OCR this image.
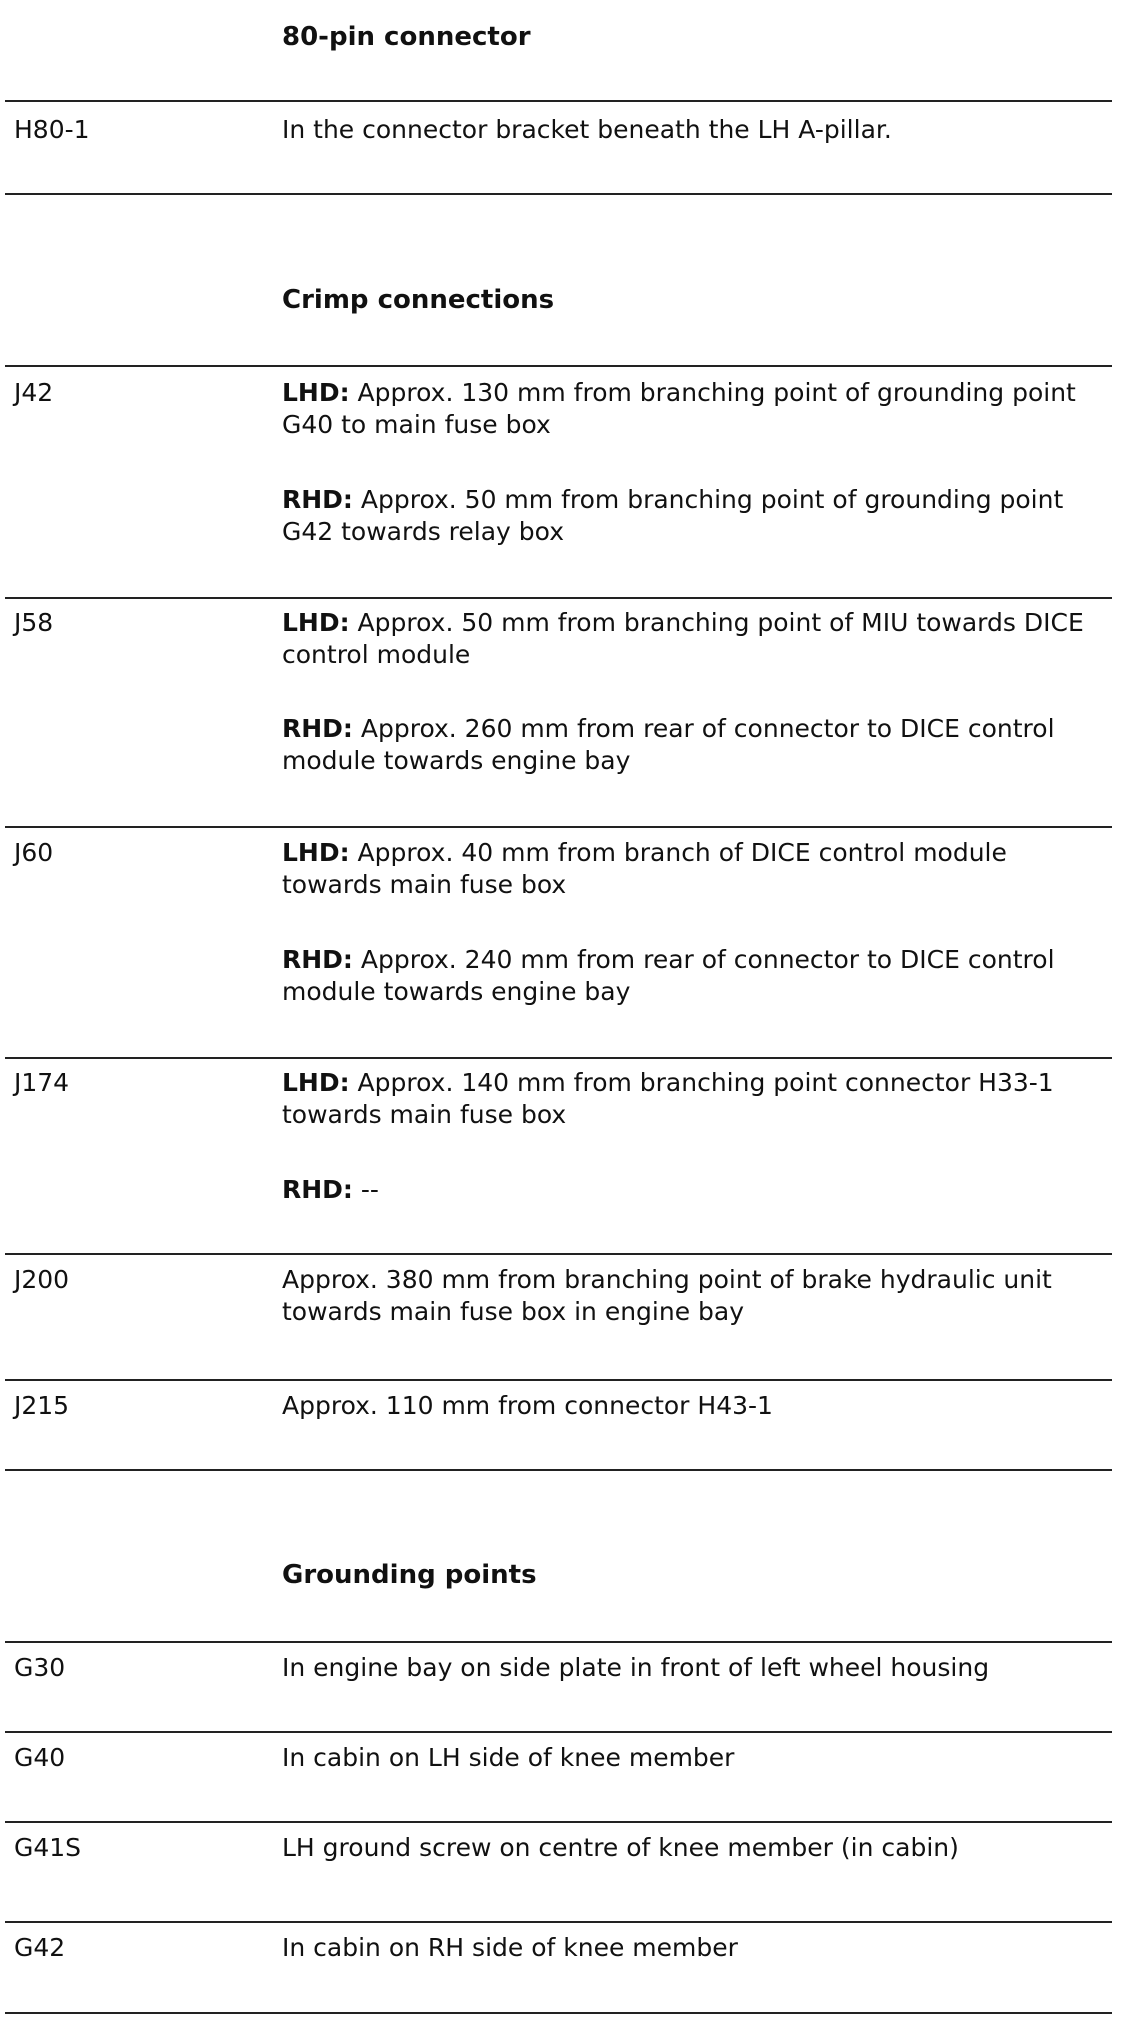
80-pin connector
H80-1	In the connector bracket beneath the LH A-pillar.
Crimp connections
J42	LHD: Approx. 130 mm from branching point of grounding point G40 to main fuse box
RHD: Approx. 50 mm from branching point of grounding point G42 towards relay box
J58	LHD: Approx. 50 mm from branching point of MIU towards DICE control module
RHD: Approx. 260 mm from rear of connector to DICE control module towards engine bay
J60	LHD: Approx. 40 mm from branch of DICE control module towards main fuse box
RHD: Approx. 240 mm from rear of connector to DICE control module towards engine bay
J174	LHD: Approx. 140 mm from branching point connector H33-1 towards main fuse box
RHD: --
J200	Approx. 380 mm from branching point of brake hydraulic unit towards main fuse box in engine bay
J215	Approx. 110 mm from connector H43-1
Grounding points
G30	In engine bay on side plate in front of left wheel housing
G40	In cabin on LH side of knee member
G41S	LH ground screw on centre of knee member (in cabin)
G42	In cabin on RH side of knee member
